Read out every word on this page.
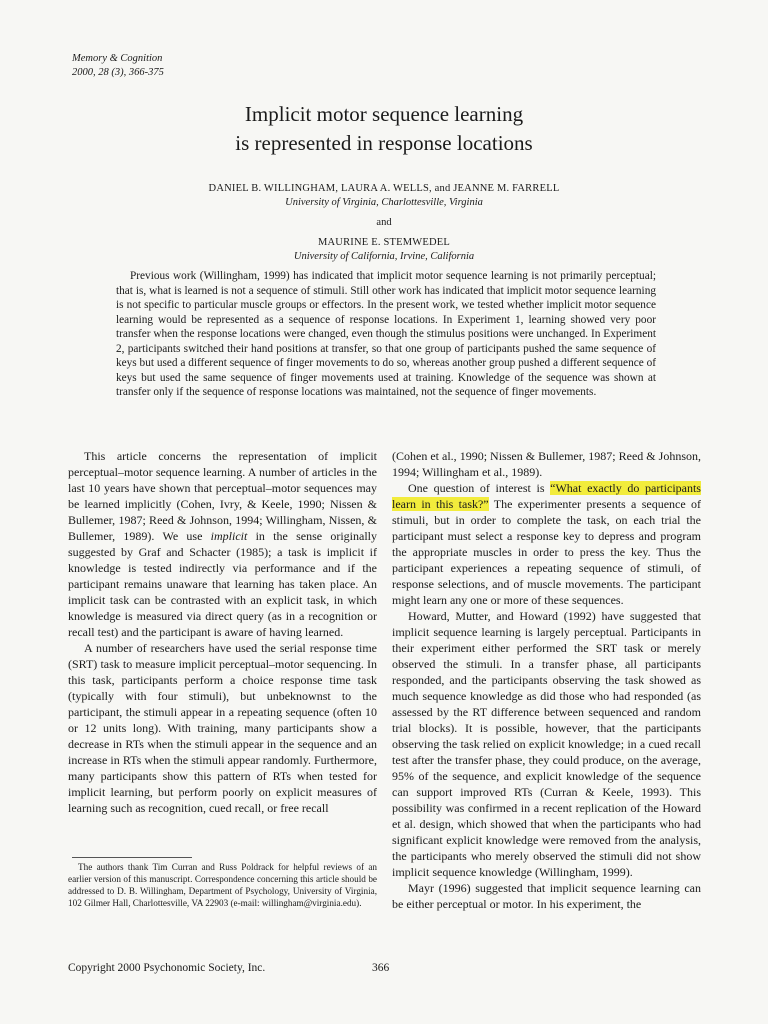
Memory & Cognition
2000, 28 (3), 366-375
Implicit motor sequence learning
is represented in response locations
DANIEL B. WILLINGHAM, LAURA A. WELLS, and JEANNE M. FARRELL
University of Virginia, Charlottesville, Virginia
and
MAURINE E. STEMWEDEL
University of California, Irvine, California

Previous work (Willingham, 1999) has indicated that implicit motor sequence learning is not primarily perceptual; that is, what is learned is not a sequence of stimuli. Still other work has indicated that implicit motor sequence learning is not specific to particular muscle groups or effectors. In the present work, we tested whether implicit motor sequence learning would be represented as a sequence of response locations. In Experiment 1, learning showed very poor transfer when the response locations were changed, even though the stimulus positions were unchanged. In Experiment 2, participants switched their hand positions at transfer, so that one group of participants pushed the same sequence of keys but used a different sequence of finger movements to do so, whereas another group pushed a different sequence of keys but used the same sequence of finger movements used at training. Knowledge of the sequence was shown at transfer only if the sequence of response locations was maintained, not the sequence of finger movements.

This article concerns the representation of implicit perceptual–motor sequence learning. A number of articles in the last 10 years have shown that perceptual–motor sequences may be learned implicitly (Cohen, Ivry, & Keele, 1990; Nissen & Bullemer, 1987; Reed & Johnson, 1994; Willingham, Nissen, & Bullemer, 1989). We use implicit in the sense originally suggested by Graf and Schacter (1985); a task is implicit if knowledge is tested indirectly via performance and if the participant remains unaware that learning has taken place. An implicit task can be contrasted with an explicit task, in which knowledge is measured via direct query (as in a recognition or recall test) and the participant is aware of having learned.

A number of researchers have used the serial response time (SRT) task to measure implicit perceptual–motor sequencing. In this task, participants perform a choice response time task (typically with four stimuli), but unbeknownst to the participant, the stimuli appear in a repeating sequence (often 10 or 12 units long). With training, many participants show a decrease in RTs when the stimuli appear in the sequence and an increase in RTs when the stimuli appear randomly. Furthermore, many participants show this pattern of RTs when tested for implicit learning, but perform poorly on explicit measures of learning such as recognition, cued recall, or free recall

(Cohen et al., 1990; Nissen & Bullemer, 1987; Reed & Johnson, 1994; Willingham et al., 1989).

One question of interest is “What exactly do participants learn in this task?” The experimenter presents a sequence of stimuli, but in order to complete the task, on each trial the participant must select a response key to depress and program the appropriate muscles in order to press the key. Thus the participant experiences a repeating sequence of stimuli, of response selections, and of muscle movements. The participant might learn any one or more of these sequences.

Howard, Mutter, and Howard (1992) have suggested that implicit sequence learning is largely perceptual. Participants in their experiment either performed the SRT task or merely observed the stimuli. In a transfer phase, all participants responded, and the participants observing the task showed as much sequence knowledge as did those who had responded (as assessed by the RT difference between sequenced and random trial blocks). It is possible, however, that the participants observing the task relied on explicit knowledge; in a cued recall test after the transfer phase, they could produce, on the average, 95% of the sequence, and explicit knowledge of the sequence can support improved RTs (Curran & Keele, 1993). This possibility was confirmed in a recent replication of the Howard et al. design, which showed that when the participants who had significant explicit knowledge were removed from the analysis, the participants who merely observed the stimuli did not show implicit sequence knowledge (Willingham, 1999).

Mayr (1996) suggested that implicit sequence learning can be either perceptual or motor. In his experiment, the

The authors thank Tim Curran and Russ Poldrack for helpful reviews of an earlier version of this manuscript. Correspondence concerning this article should be addressed to D. B. Willingham, Department of Psychology, University of Virginia, 102 Gilmer Hall, Charlottesville, VA 22903 (e-mail: willingham@virginia.edu).

Copyright 2000 Psychonomic Society, Inc.	366
